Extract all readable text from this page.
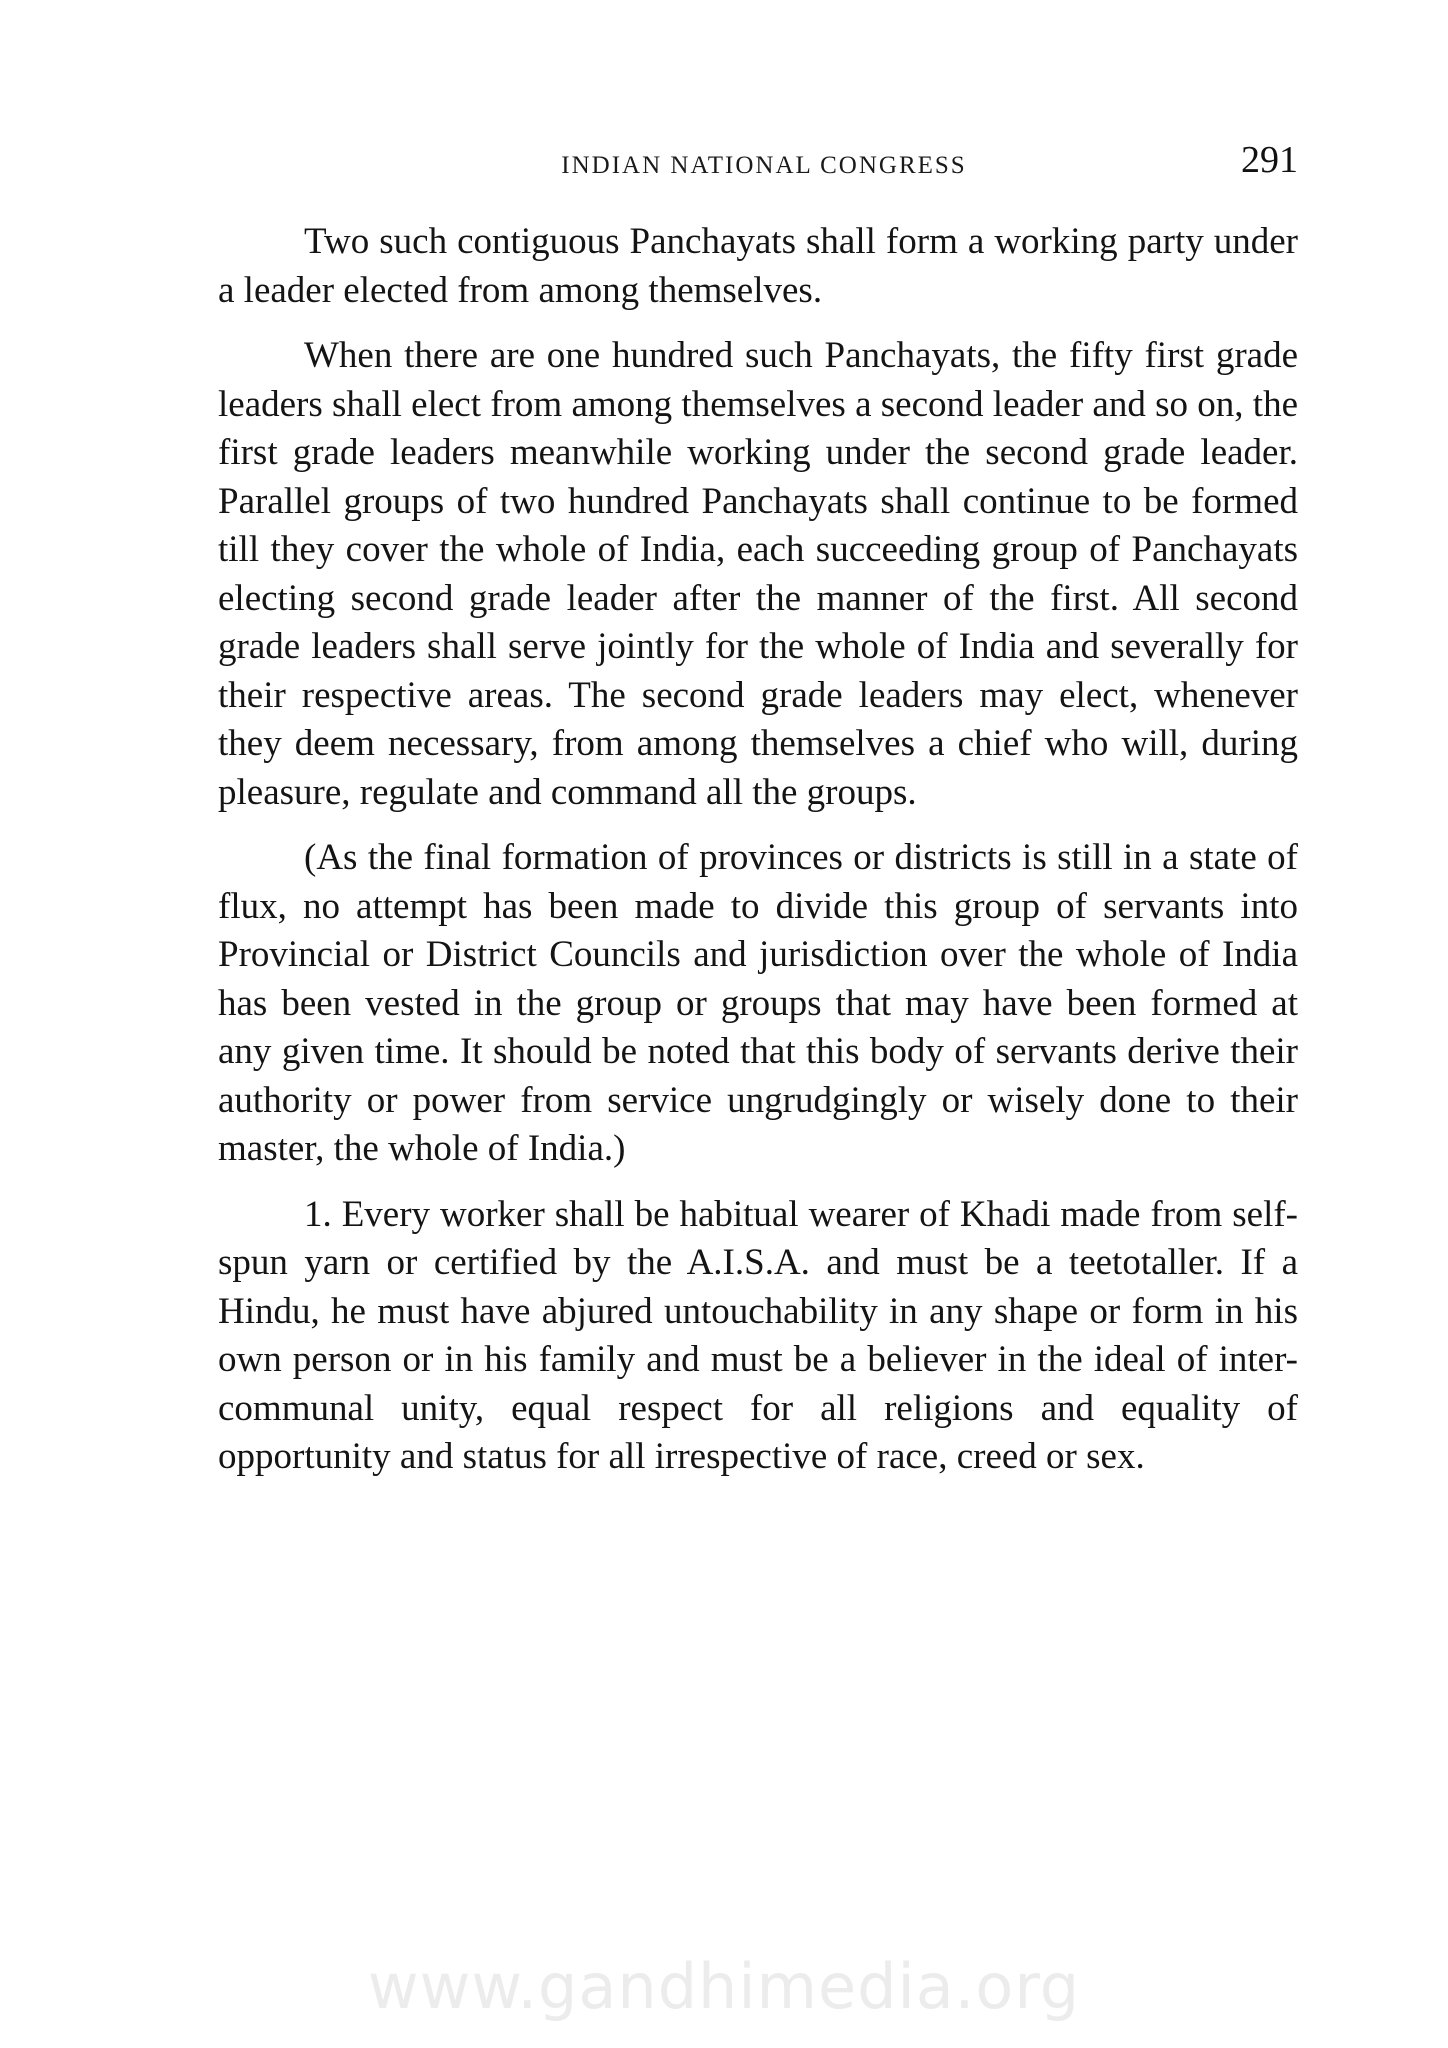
INDIAN NATIONAL CONGRESS	291

Two such contiguous Panchayats shall form a working party under a leader elected from among themselves.

When there are one hundred such Panchayats, the fifty first grade leaders shall elect from among themselves a second leader and so on, the first grade leaders meanwhile working under the second grade leader. Parallel groups of two hundred Panchayats shall continue to be formed till they cover the whole of India, each succeeding group of Panchayats electing second grade leader after the manner of the first. All second grade leaders shall serve jointly for the whole of India and severally for their respective areas. The second grade leaders may elect, whenever they deem necessary, from among themselves a chief who will, during pleasure, regulate and command all the groups.

(As the final formation of provinces or districts is still in a state of flux, no attempt has been made to divide this group of servants into Provincial or District Councils and jurisdiction over the whole of India has been vested in the group or groups that may have been formed at any given time. It should be noted that this body of servants derive their authority or power from service ungrudgingly or wisely done to their master, the whole of India.)

1. Every worker shall be habitual wearer of Khadi made from self-spun yarn or certified by the A.I.S.A. and must be a teetotaller. If a Hindu, he must have abjured untouchability in any shape or form in his own person or in his family and must be a believer in the ideal of inter-communal unity, equal respect for all religions and equality of opportunity and status for all irrespective of race, creed or sex.

www.gandhimedia.org
